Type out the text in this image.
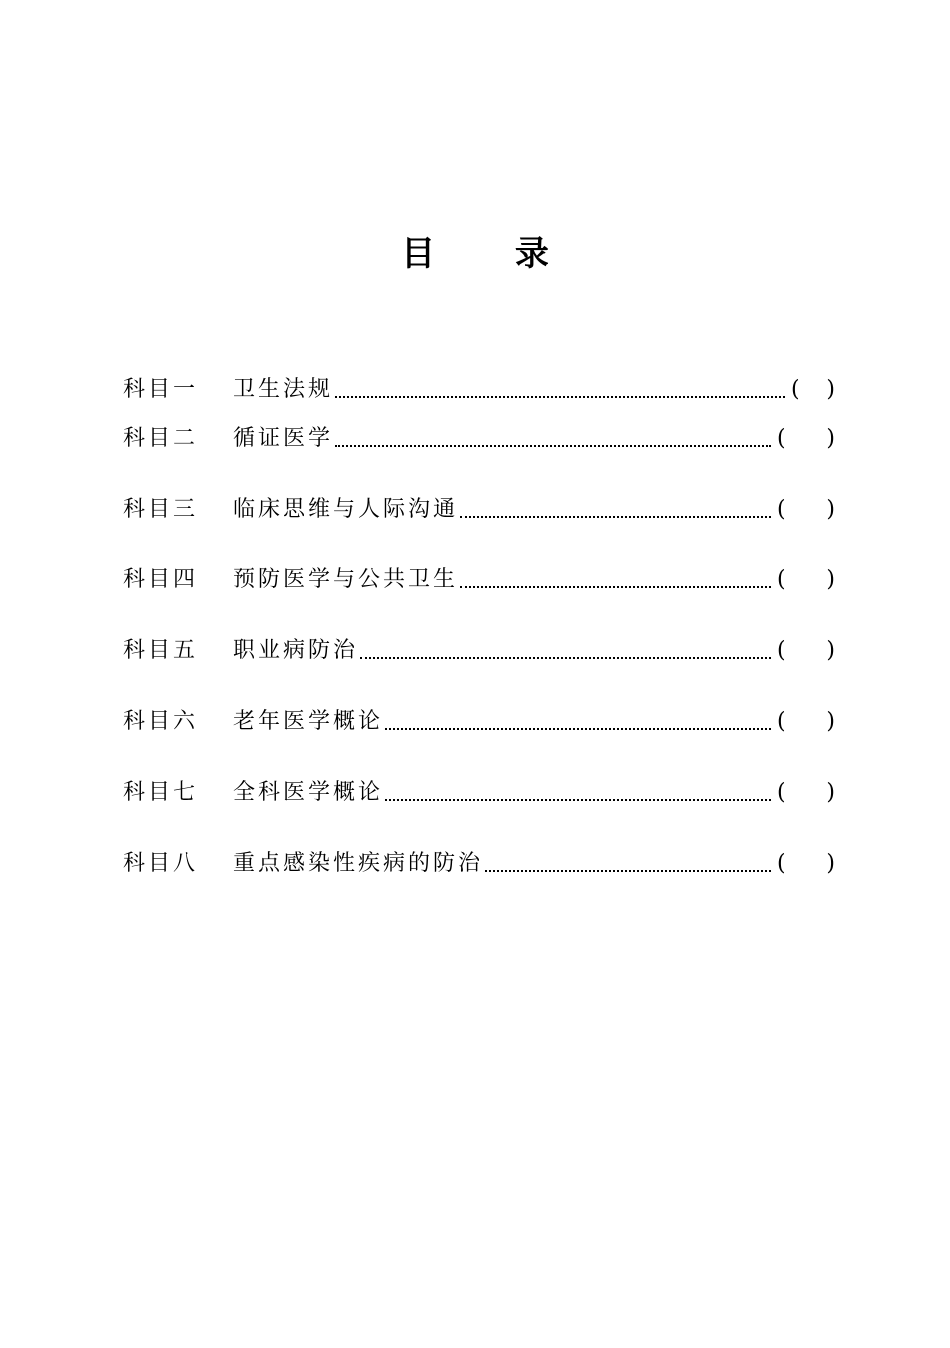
目 录
科目一	卫生法规	( )
科目二	循证医学	( )
科目三	临床思维与人际沟通	( )
科目四	预防医学与公共卫生	( )
科目五	职业病防治	( )
科目六	老年医学概论	( )
科目七	全科医学概论	( )
科目八	重点感染性疾病的防治	( )
